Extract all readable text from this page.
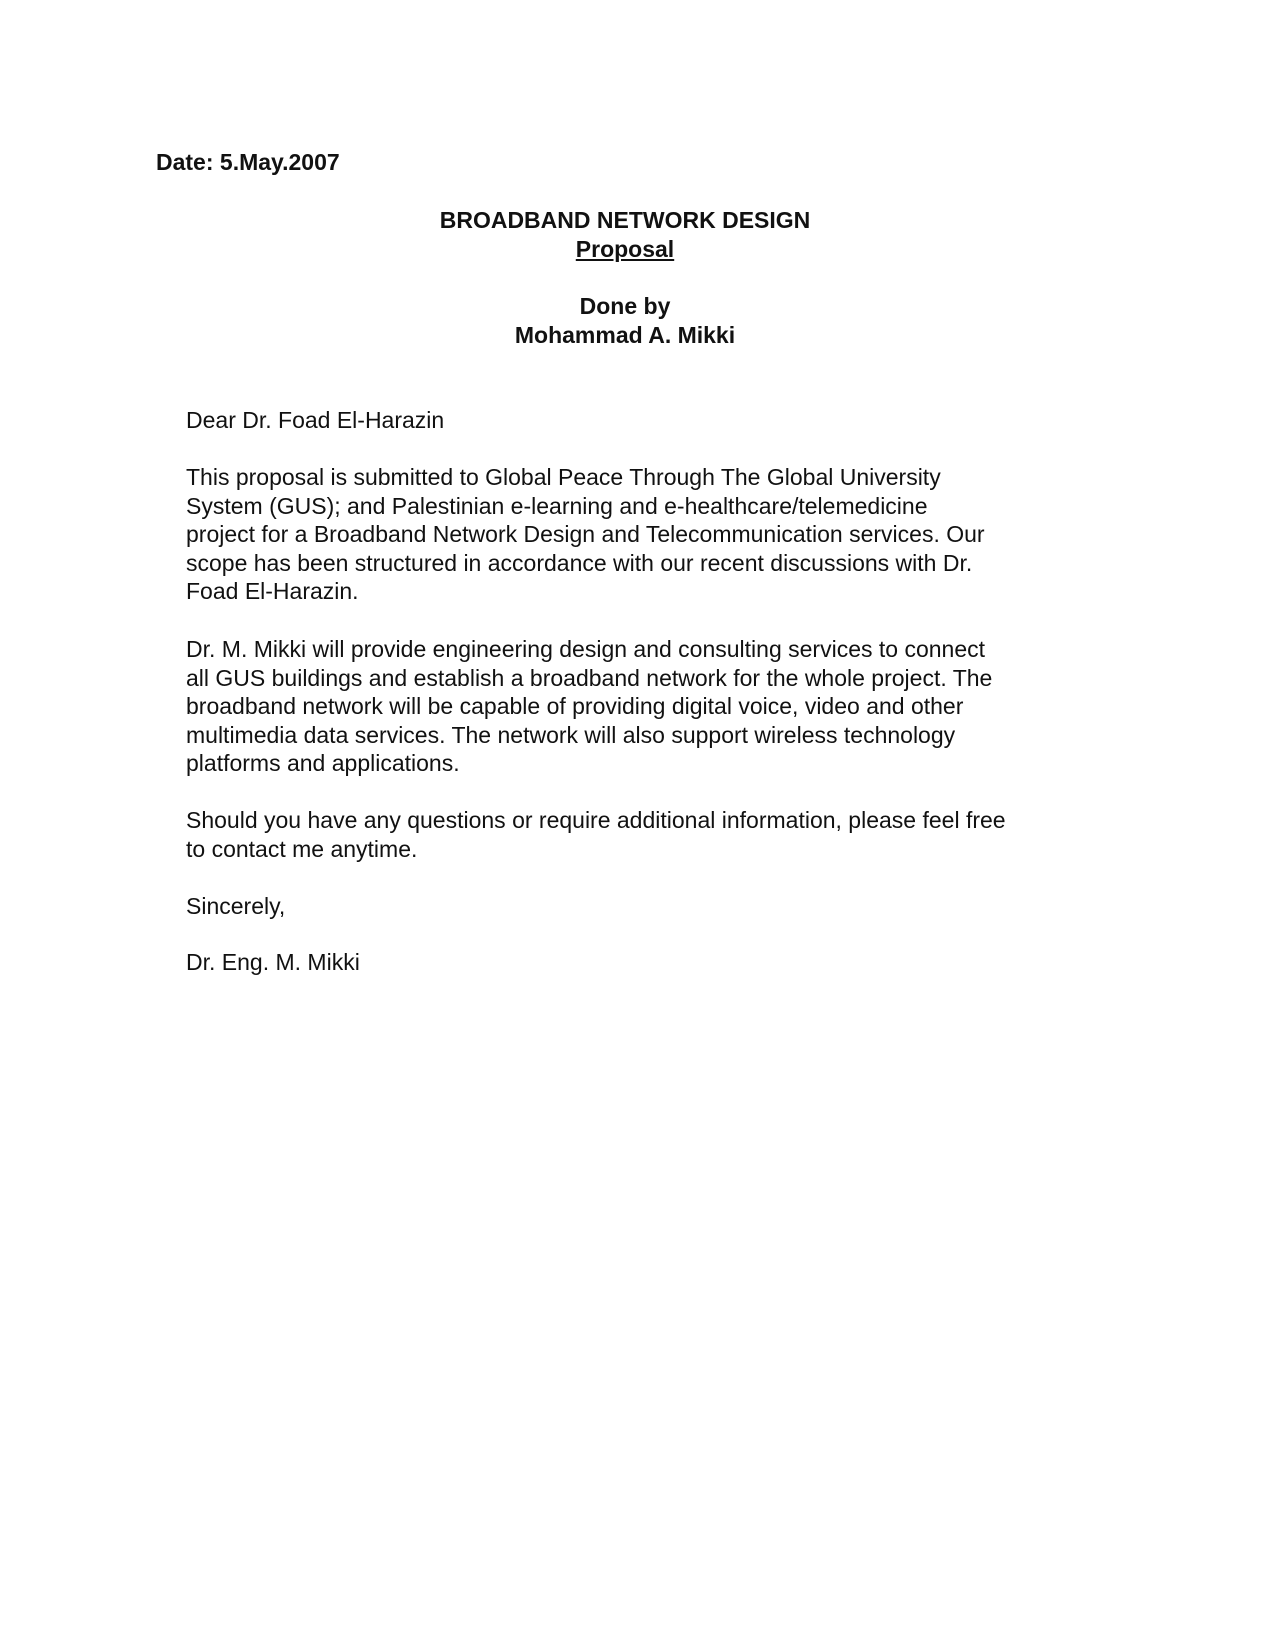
Date: 5.May.2007
BROADBAND NETWORK DESIGN
Proposal
Done by
Mohammad A. Mikki
Dear Dr. Foad El-Harazin
This proposal is submitted to Global Peace Through The Global University
System (GUS); and Palestinian e-learning and e-healthcare/telemedicine
project for a Broadband Network Design and Telecommunication services. Our
scope has been structured in accordance with our recent discussions with Dr.
Foad El-Harazin.
Dr. M. Mikki will provide engineering design and consulting services to connect
all GUS buildings and establish a broadband network for the whole project. The
broadband network will be capable of providing digital voice, video and other
multimedia data services. The network will also support wireless technology
platforms and applications.
Should you have any questions or require additional information, please feel free
to contact me anytime.
Sincerely,
Dr. Eng. M. Mikki
